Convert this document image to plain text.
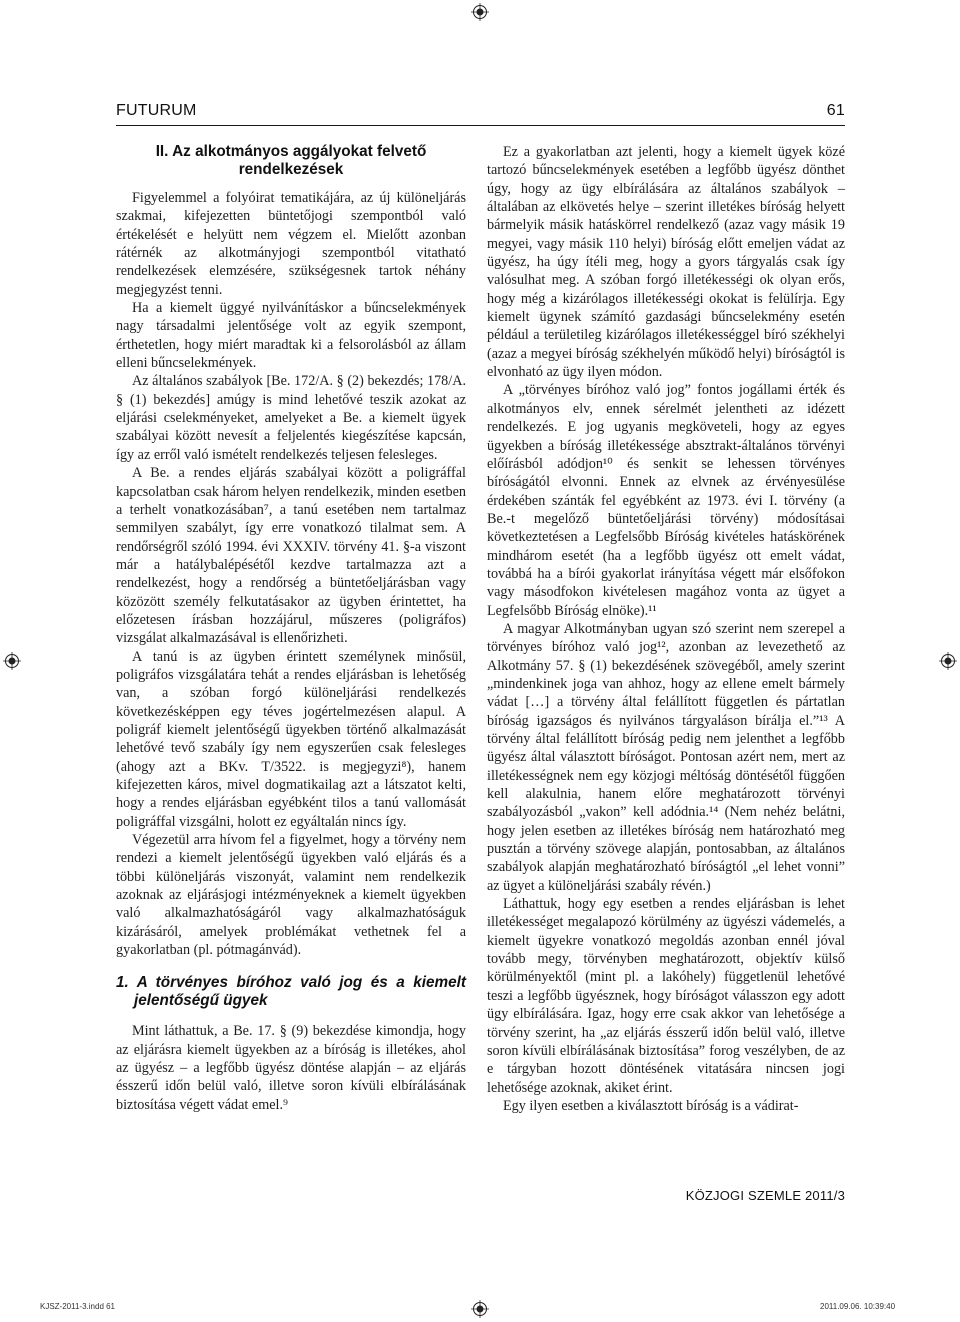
FUTURUM	61
II. Az alkotmányos aggályokat felvető rendelkezések

Figyelemmel a folyóirat tematikájára, az új különeljárás szakmai, kifejezetten büntetőjogi szempontból való értékelését e helyütt nem végzem el. Mielőtt azonban rátérnék az alkotmányjogi szempontból vitatható rendelkezések elemzésére, szükségesnek tartok néhány megjegyzést tenni.

Ha a kiemelt üggyé nyilvánításkor a bűncselekmények nagy társadalmi jelentősége volt az egyik szempont, érthetetlen, hogy miért maradtak ki a felsorolásból az állam elleni bűncselekmények.

Az általános szabályok [Be. 172/A. § (2) bekezdés; 178/A. § (1) bekezdés] amúgy is mind lehetővé teszik azokat az eljárási cselekményeket, amelyeket a Be. a kiemelt ügyek szabályai között nevesít a feljelentés kiegészítése kapcsán, így az erről való ismételt rendelkezés teljesen felesleges.

A Be. a rendes eljárás szabályai között a poligráffal kapcsolatban csak három helyen rendelkezik, minden esetben a terhelt vonatkozásában⁷, a tanú esetében nem tartalmaz semmilyen szabályt, így erre vonatkozó tilalmat sem. A rendőrségről szóló 1994. évi XXXIV. törvény 41. §-a viszont már a hatálybalépésétől kezdve tartalmazza azt a rendelkezést, hogy a rendőrség a büntetőeljárásban vagy közözött személy felkutatásakor az ügyben érintettet, ha előzetesen írásban hozzájárul, műszeres (poligráfos) vizsgálat alkalmazásával is ellenőrizheti.

A tanú is az ügyben érintett személynek minősül, poligráfos vizsgálatára tehát a rendes eljárásban is lehetőség van, a szóban forgó különeljárási rendelkezés következésképpen egy téves jogértelmezésen alapul. A poligráf kiemelt jelentőségű ügyekben történő alkalmazását lehetővé tevő szabály így nem egyszerűen csak felesleges (ahogy azt a BKv. T/3522. is megjegyzi⁸), hanem kifejezetten káros, mivel dogmatikailag azt a látszatot kelti, hogy a rendes eljárásban egyébként tilos a tanú vallomását poligráffal vizsgálni, holott ez egyáltalán nincs így.

Végezetül arra hívom fel a figyelmet, hogy a törvény nem rendezi a kiemelt jelentőségű ügyekben való eljárás és a többi különeljárás viszonyát, valamint nem rendelkezik azoknak az eljárásjogi intézményeknek a kiemelt ügyekben való alkalmazhatóságáról vagy alkalmazhatóságuk kizárásáról, amelyek problémákat vethetnek fel a gyakorlatban (pl. pótmagánvád).

1. A törvényes bíróhoz való jog és a kiemelt jelentőségű ügyek

Mint láthattuk, a Be. 17. § (9) bekezdése kimondja, hogy az eljárásra kiemelt ügyekben az a bíróság is illetékes, ahol az ügyész – a legfőbb ügyész döntése alapján – az eljárás ésszerű időn belül való, illetve soron kívüli elbírálásának biztosítása végett vádat emel.⁹

Ez a gyakorlatban azt jelenti, hogy a kiemelt ügyek közé tartozó bűncselekmények esetében a legfőbb ügyész dönthet úgy, hogy az ügy elbírálására az általános szabályok – általában az elkövetés helye – szerint illetékes bíróság helyett bármelyik másik hatáskörrel rendelkező (azaz vagy másik 19 megyei, vagy másik 110 helyi) bíróság előtt emeljen vádat az ügyész, ha úgy ítéli meg, hogy a gyors tárgyalás csak így valósulhat meg. A szóban forgó illetékességi ok olyan erős, hogy még a kizárólagos illetékességi okokat is felülírja. Egy kiemelt ügynek számító gazdasági bűncselekmény esetén például a területileg kizárólagos illetékességgel bíró székhelyi (azaz a megyei bíróság székhelyén működő helyi) bíróságtól is elvonható az ügy ilyen módon.

A „törvényes bíróhoz való jog” fontos jogállami érték és alkotmányos elv, ennek sérelmét jelentheti az idézett rendelkezés. E jog ugyanis megköveteli, hogy az egyes ügyekben a bíróság illetékessége absztrakt-általános törvényi előírásból adódjon¹⁰ és senkit se lehessen törvényes bíróságától elvonni. Ennek az elvnek az érvényesülése érdekében szánták fel egyébként az 1973. évi I. törvény (a Be.-t megelőző büntetőeljárási törvény) módosításai következtetésen a Legfelsőbb Bíróság kivételes hatáskörének mindhárom esetét (ha a legfőbb ügyész ott emelt vádat, továbbá ha a bírói gyakorlat irányítása végett már elsőfokon vagy másodfokon kivételesen magához vonta az ügyet a Legfelsőbb Bíróság elnöke).¹¹

A magyar Alkotmányban ugyan szó szerint nem szerepel a törvényes bíróhoz való jog¹², azonban az levezethető az Alkotmány 57. § (1) bekezdésének szövegéből, amely szerint „mindenkinek joga van ahhoz, hogy az ellene emelt bármely vádat […] a törvény által felállított független és pártatlan bíróság igazságos és nyilvános tárgyaláson bírálja el.”¹³ A törvény által felállított bíróság pedig nem jelenthet a legfőbb ügyész által választott bíróságot. Pontosan azért nem, mert az illetékességnek nem egy közjogi méltóság döntésétől függően kell alakulnia, hanem előre meghatározott törvényi szabályozásból „vakon” kell adódnia.¹⁴ (Nem nehéz belátni, hogy jelen esetben az illetékes bíróság nem határozható meg pusztán a törvény szövege alapján, pontosabban, az általános szabályok alapján meghatározható bíróságtól „el lehet vonni” az ügyet a különeljárási szabály révén.)

Láthattuk, hogy egy esetben a rendes eljárásban is lehet illetékességet megalapozó körülmény az ügyészi vádemelés, a kiemelt ügyekre vonatkozó megoldás azonban ennél jóval tovább megy, törvényben meghatározott, objektív külső körülményektől (mint pl. a lakóhely) függetlenül lehetővé teszi a legfőbb ügyésznek, hogy bíróságot válasszon egy adott ügy elbírálására. Igaz, hogy erre csak akkor van lehetősége a törvény szerint, ha „az eljárás ésszerű időn belül való, illetve soron kívüli elbírálásának biztosítása” forog veszélyben, de az e tárgyban hozott döntésének vitatására nincsen jogi lehetősége azoknak, akiket érint.

Egy ilyen esetben a kiválasztott bíróság is a vádirat-

KÖZJOGI SZEMLE 2011/3
KJSZ-2011-3.indd 61	2011.09.06. 10:39:40
